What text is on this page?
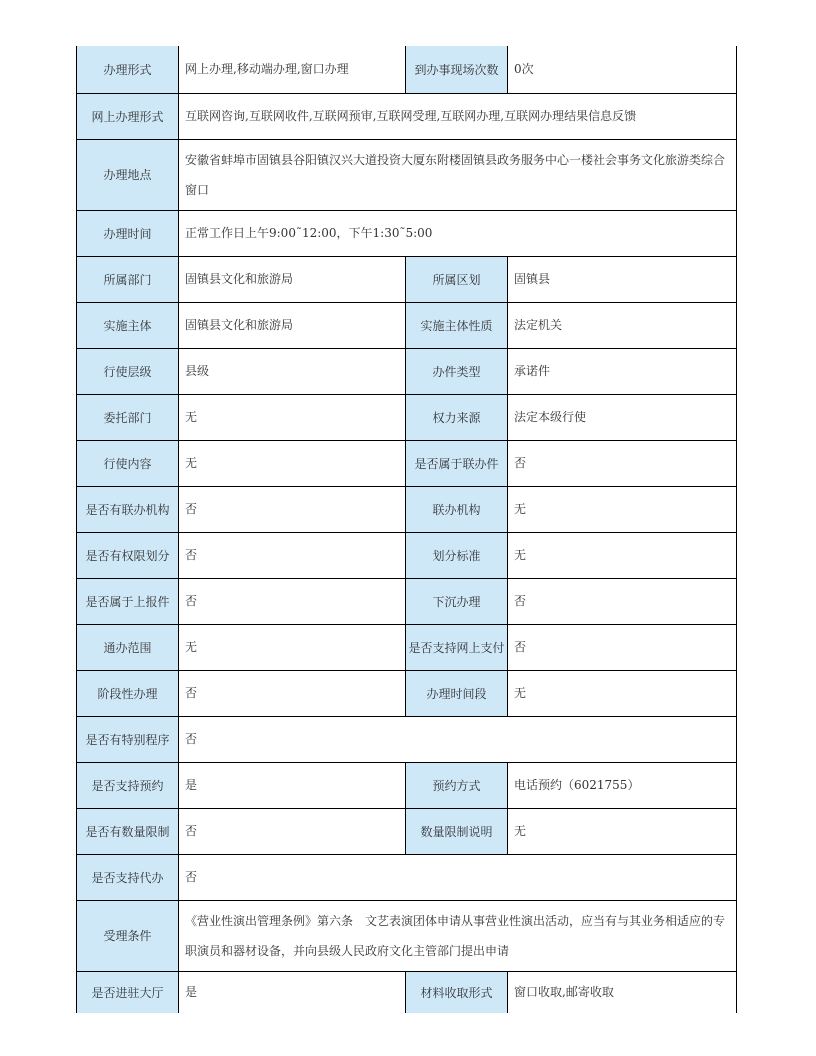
办理形式	网上办理,移动端办理,窗口办理	到办事现场次数	0次
网上办理形式	互联网咨询,互联网收件,互联网预审,互联网受理,互联网办理,互联网办理结果信息反馈		
办理地点	安徽省蚌埠市固镇县谷阳镇汉兴大道投资大厦东附楼固镇县政务服务中心一楼社会事务文化旅游类综合窗口		
办理时间	正常工作日上午9:00˜12:00，下午1:30˜5:00		
所属部门	固镇县文化和旅游局	所属区划	固镇县
实施主体	固镇县文化和旅游局	实施主体性质	法定机关
行使层级	县级	办件类型	承诺件
委托部门	无	权力来源	法定本级行使
行使内容	无	是否属于联办件	否
是否有联办机构	否	联办机构	无
是否有权限划分	否	划分标准	无
是否属于上报件	否	下沉办理	否
通办范围	无	是否支持网上支付	否
阶段性办理	否	办理时间段	无
是否有特别程序	否		
是否支持预约	是	预约方式	电话预约（6021755）
是否有数量限制	否	数量限制说明	无
是否支持代办	否		
受理条件	《营业性演出管理条例》第六条　文艺表演团体申请从事营业性演出活动，应当有与其业务相适应的专职演员和器材设备，并向县级人民政府文化主管部门提出申请		
是否进驻大厅	是	材料收取形式	窗口收取,邮寄收取
